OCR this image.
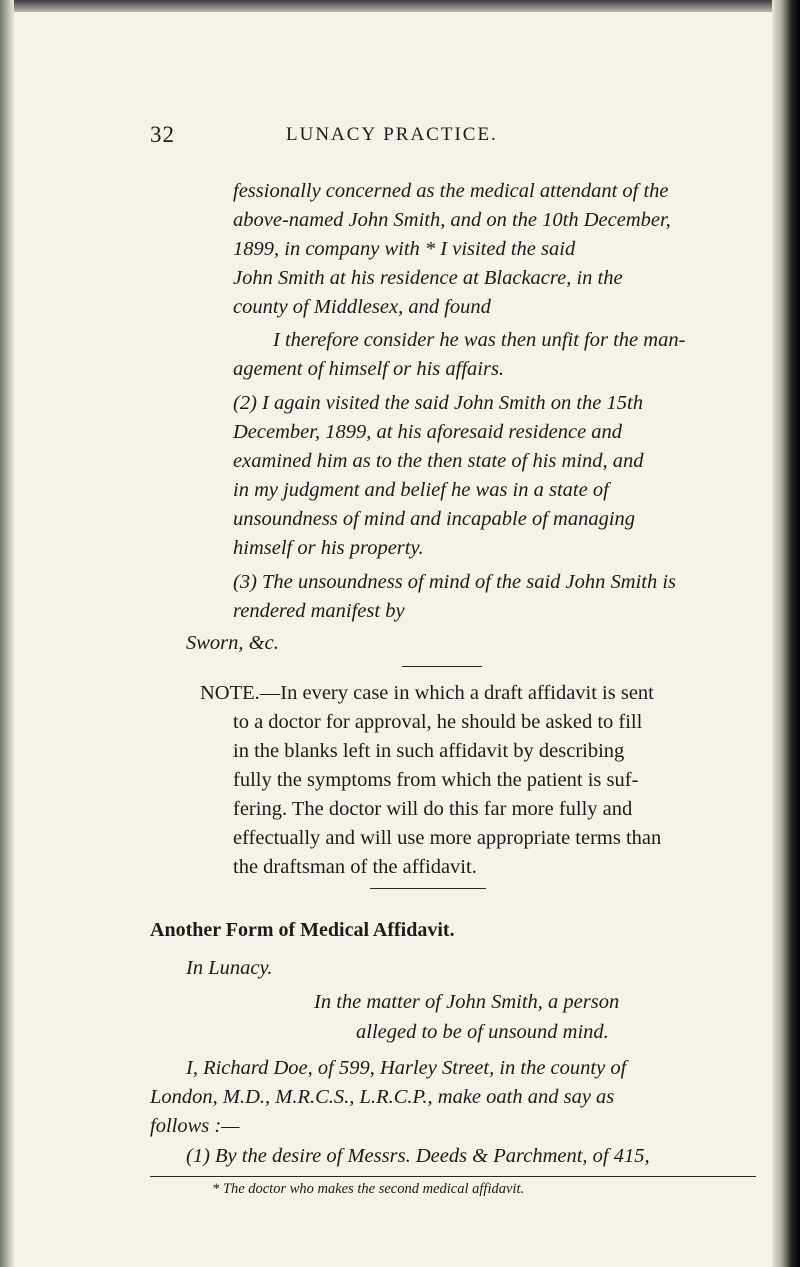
32	LUNACY PRACTICE.
fessionally concerned as the medical attendant of the
above-named John Smith, and on the 10th December,
1899, in company with * I visited the said
John Smith at his residence at Blackacre, in the
county of Middlesex, and found
I therefore consider he was then unfit for the man-
agement of himself or his affairs.
(2) I again visited the said John Smith on the 15th
December, 1899, at his aforesaid residence and
examined him as to the then state of his mind, and
in my judgment and belief he was in a state of
unsoundness of mind and incapable of managing
himself or his property.
(3) The unsoundness of mind of the said John Smith is
rendered manifest by
Sworn, &c.
NOTE.—In every case in which a draft affidavit is sent
to a doctor for approval, he should be asked to fill
in the blanks left in such affidavit by describing
fully the symptoms from which the patient is suf-
fering. The doctor will do this far more fully and
effectually and will use more appropriate terms than
the draftsman of the affidavit.
Another Form of Medical Affidavit.
In Lunacy.
In the matter of John Smith, a person
alleged to be of unsound mind.
I, Richard Doe, of 599, Harley Street, in the county of
London, M.D., M.R.C.S., L.R.C.P., make oath and say as
follows :—
(1) By the desire of Messrs. Deeds & Parchment, of 415,
* The doctor who makes the second medical affidavit.
